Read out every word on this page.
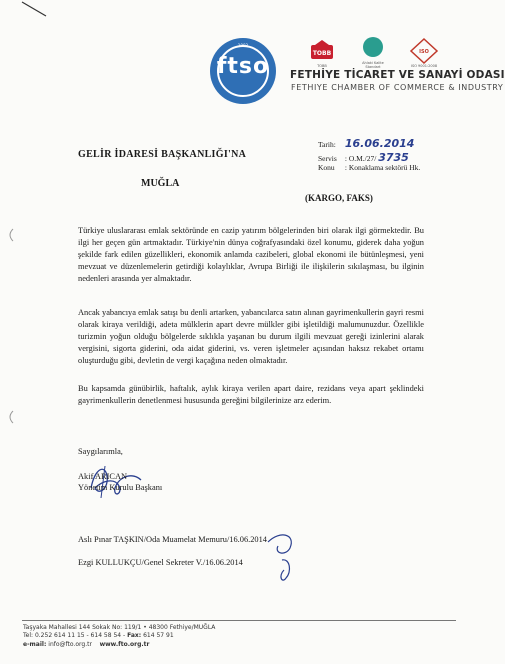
1903
ftso
TOBB
TOBB
Ahlaki Kalite Standart
ISO
ISO 9001:2008
FETHİYE TİCARET VE SANAYİ ODASI
FETHIYE CHAMBER OF COMMERCE & INDUSTRY
Tarih: 16.06.2014
Servis : O.M./27/ 3735
Konu : Konaklama sektörü Hk.
GELİR İDARESİ BAŞKANLIĞI'NA
MUĞLA
(KARGO, FAKS)

Türkiye uluslararası emlak sektöründe en cazip yatırım bölgelerinden biri olarak ilgi görmektedir. Bu ilgi her geçen gün artmaktadır. Türkiye'nin dünya coğrafyasındaki özel konumu, giderek daha yoğun şekilde fark edilen güzellikleri, ekonomik anlamda cazibeleri, global ekonomi ile bütünleşmesi, yeni mevzuat ve düzenlemelerin getirdiği kolaylıklar, Avrupa Birliği ile ilişkilerin sıkılaşması, bu ilginin nedenleri arasında yer almaktadır.

Ancak yabancıya emlak satışı bu denli artarken, yabancılarca satın alınan gayrimenkullerin gayri resmi olarak kiraya verildiği, adeta mülklerin apart devre mülkler gibi işletildiği malumunuzdur. Özellikle turizmin yoğun olduğu bölgelerde sıklıkla yaşanan bu durum ilgili mevzuat gereği izinlerini alarak vergisini, sigorta giderini, oda aidat giderini, vs. veren işletmeler açısından haksız rekabet ortamı oluşturduğu gibi, devletin de vergi kaçağına neden olmaktadır.

Bu kapsamda günübirlik, haftalık, aylık kiraya verilen apart daire, rezidans veya apart şeklindeki gayrimenkullerin denetlenmesi hususunda gereğini bilgilerinize arz ederim.

Saygılarımla,
Akif ARICAN
Yönetim Kurulu Başkanı
Aslı Pınar TAŞKIN/Oda Muamelat Memuru/16.06.2014
Ezgi KULLUKÇU/Genel Sekreter V./16.06.2014
Taşyaka Mahallesi 144 Sokak No: 119/1 • 48300 Fethiye/MUĞLA
Tel: 0.252 614 11 15 - 614 58 54 - Fax: 614 57 91
e-mail: info@fto.org.tr www.fto.org.tr
